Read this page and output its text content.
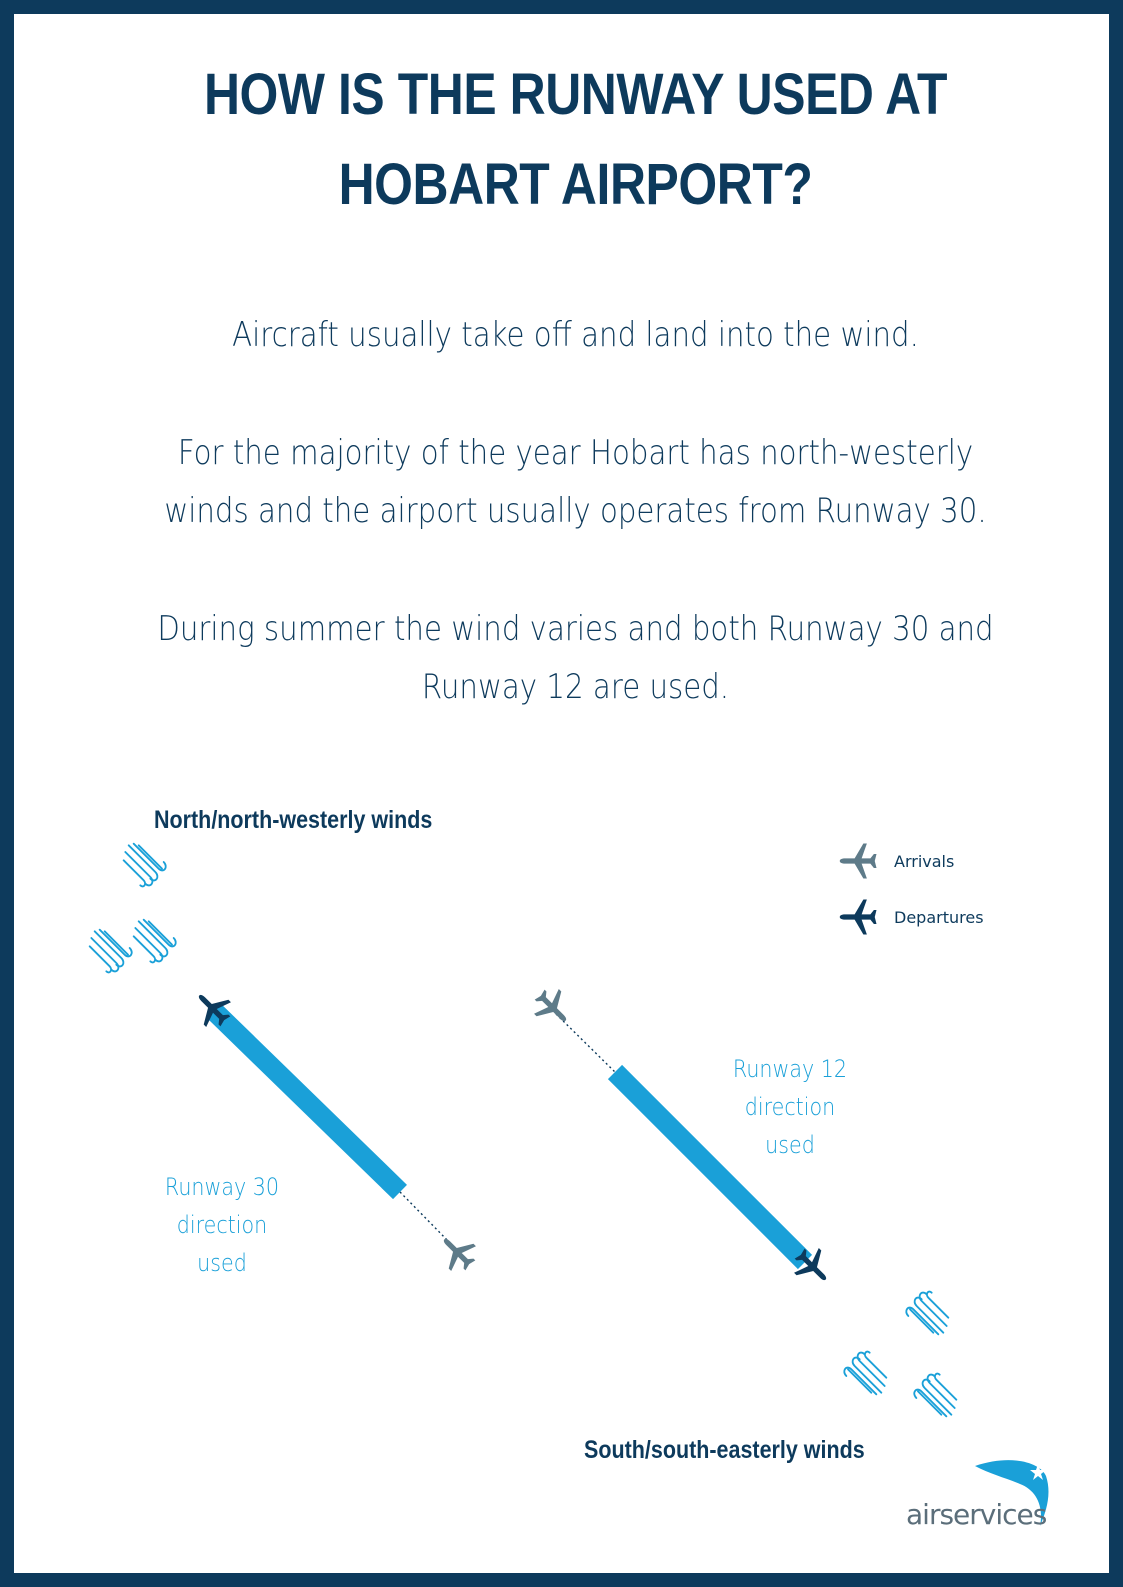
HOW IS THE RUNWAY USED AT HOBART AIRPORT?

Aircraft usually take off and land into the wind.

For the majority of the year Hobart has north-westerly winds and the airport usually operates from Runway 30.

During summer the wind varies and both Runway 30 and Runway 12 are used.

North/north-westerly winds
South/south-easterly winds
Runway 30
direction
used
Runway 12
direction
used
Arrivals
Departures
airservices
